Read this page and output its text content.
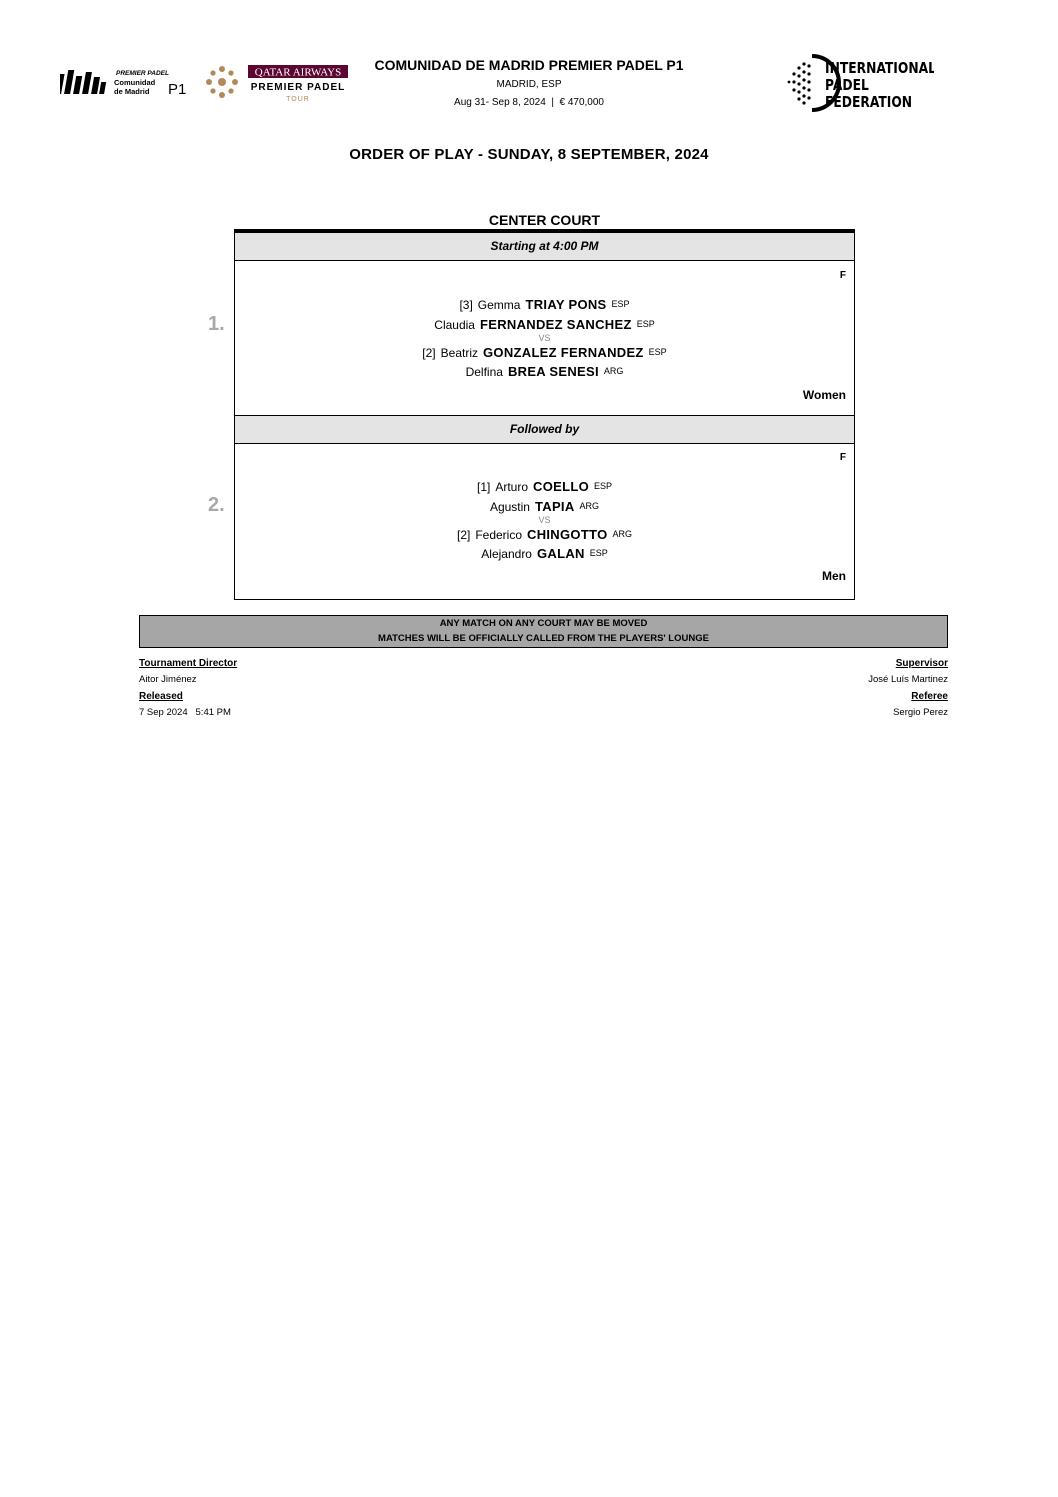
PREMIER PADEL
Comunidad
de Madrid P1
QATAR AIRWAYS
PREMIER PADEL
TOUR
INTERNATIONAL
PADEL
FEDERATION
COMUNIDAD DE MADRID PREMIER PADEL P1
MADRID, ESP
Aug 31- Sep 8, 2024  |  € 470,000
ORDER OF PLAY - SUNDAY, 8 SEPTEMBER, 2024
CENTER COURT
1.
2.
Starting at 4:00 PM
F
[3] Gemma TRIAY PONS ESP
Claudia FERNANDEZ SANCHEZ ESP
VS
[2] Beatriz GONZALEZ FERNANDEZ ESP
Delfina BREA SENESI ARG
Women
Followed by
F
[1] Arturo COELLO ESP
Agustin TAPIA ARG
VS
[2] Federico CHINGOTTO ARG
Alejandro GALAN ESP
Men
ANY MATCH ON ANY COURT MAY BE MOVED
MATCHES WILL BE OFFICIALLY CALLED FROM THE PLAYERS' LOUNGE
Tournament Director
Aitor Jiménez
Released
7 Sep 2024   5:41 PM
Supervisor
José Luís Martinez
Referee
Sergio Perez
